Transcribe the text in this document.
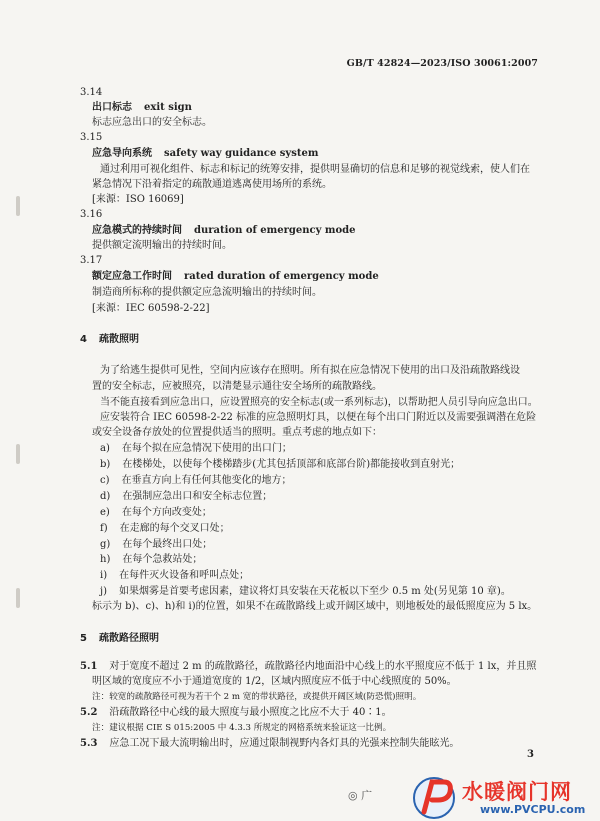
GB/T 42824—2023/ISO 30061:2007
3.14
出口标志 exit sign
标志应急出口的安全标志。
3.15
应急导向系统 safety way guidance system
通过利用可视化组件、标志和标记的统筹安排，提供明显确切的信息和足够的视觉线索，使人们在
紧急情况下沿着指定的疏散通道逃离使用场所的系统。
[来源：ISO 16069]
3.16
应急模式的持续时间 duration of emergency mode
提供额定流明输出的持续时间。
3.17
额定应急工作时间 rated duration of emergency mode
制造商所标称的提供额定应急流明输出的持续时间。
[来源：IEC 60598-2-22]
4 疏散照明
为了给逃生提供可见性，空间内应该存在照明。所有拟在应急情况下使用的出口及沿疏散路线设
置的安全标志，应被照亮，以清楚显示通往安全场所的疏散路线。
当不能直接看到应急出口，应设置照亮的安全标志(或一系列标志)，以帮助把人员引导向应急出口。
应安装符合 IEC 60598-2-22 标准的应急照明灯具，以便在每个出口门附近以及需要强调潜在危险
或安全设备存放处的位置提供适当的照明。重点考虑的地点如下：
a) 在每个拟在应急情况下使用的出口门；
b) 在楼梯处，以使每个楼梯踏步(尤其包括顶部和底部台阶)都能接收到直射光；
c) 在垂直方向上有任何其他变化的地方；
d) 在强制应急出口和安全标志位置；
e) 在每个方向改变处；
f) 在走廊的每个交叉口处；
g) 在每个最终出口处；
h) 在每个急救站处；
i) 在每件灭火设备和呼叫点处；
j) 如果烟雾是首要考虑因素，建议将灯具安装在天花板以下至少 0.5 m 处(另见第 10 章)。
标示为 b)、c)、h)和 i)的位置，如果不在疏散路线上或开阔区域中，则地板处的最低照度应为 5 lx。
5 疏散路径照明
5.1 对于宽度不超过 2 m 的疏散路径，疏散路径内地面沿中心线上的水平照度应不低于 1 lx，并且照
明区域的宽度应不小于通道宽度的 1/2，区域内照度应不低于中心线照度的 50%。
注：较宽的疏散路径可视为若干个 2 m 宽的带状路径，或提供开阔区域(防恐慌)照明。
5.2 沿疏散路径中心线的最大照度与最小照度之比应不大于 40∶1。
注：建议根据 CIE S 015:2005 中 4.3.3 所规定的网格系统来验证这一比例。
5.3 应急工况下最大流明输出时，应通过限制视野内各灯具的光强来控制失能眩光。
3
◎ 广	水暖阀门网
www.PVCPU.com
